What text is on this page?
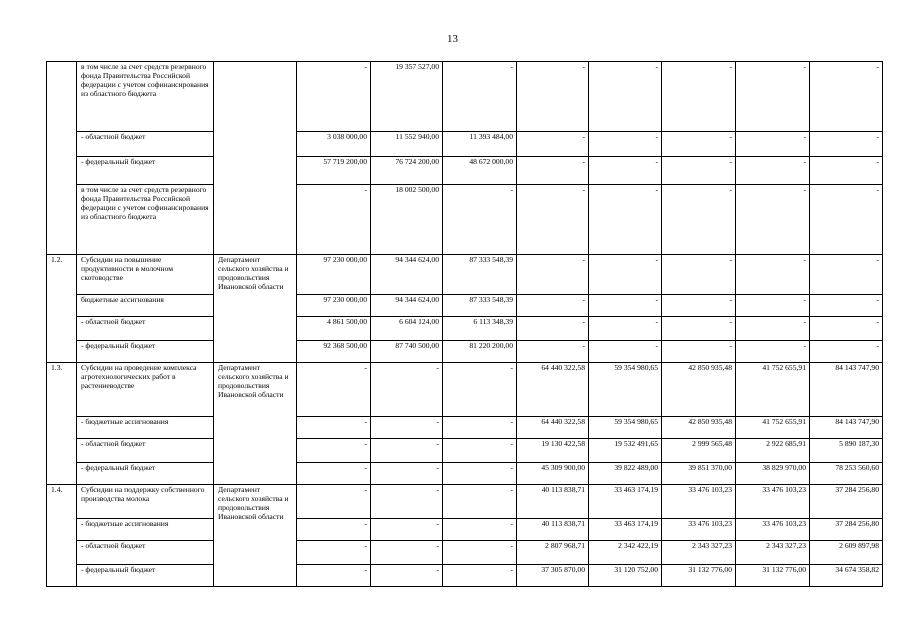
13
	в том числе за счет средств резервного фонда Правительства Российской федерации с учетом софинансирования из областного бюджета		-	19 357 527,00	-	-	-	-	-	-
	- областной бюджет		3 038 000,00	11 552 940,00	11 393 484,00	-	-	-	-	-
	- федеральный бюджет		57 719 200,00	76 724 200,00	48 672 000,00	-	-	-	-	-
	в том числе за счет средств резервного фонда Правительства Российской федерации с учетом софинансирования из областного бюджета		-	18 002 500,00	-	-	-	-	-	-
1.2.	Субсидии на повышение продуктивности в молочном скотоводстве	Департамент сельского хозяйства и продовольствия Ивановской области	97 230 000,00	94 344 624,00	87 333 548,39	-	-	-	-	-
	бюджетные ассигнования		97 230 000,00	94 344 624,00	87 333 548,39	-	-	-	-	-
	- областной бюджет		4 861 500,00	6 604 124,00	6 113 348,39	-	-	-	-	-
	- федеральный бюджет		92 368 500,00	87 740 500,00	81 220 200,00	-	-	-	-	-
1.3.	Субсидии на проведение комплекса агротехнологических работ в растениеводстве	Департамент сельского хозяйства и продовольствия Ивановской области	-	-	-	64 440 322,58	59 354 980,65	42 850 935,48	41 752 655,91	84 143 747,90
	- бюджетные ассигнования		-	-	-	64 440 322,58	59 354 980,65	42 850 935,48	41 752 655,91	84 143 747,90
	- областной бюджет		-	-	-	19 130 422,58	19 532 491,65	2 999 565,48	2 922 685,91	5 890 187,30
	- федеральный бюджет		-	-	-	45 309 900,00	39 822 489,00	39 851 370,00	38 829 970,00	78 253 560,60
1.4.	Субсидии на поддержку собственного производства молока	Департамент сельского хозяйства и продовольствия Ивановской области	-	-	-	40 113 838,71	33 463 174,19	33 476 103,23	33 476 103,23	37 284 256,80
	- бюджетные ассигнования		-	-	-	40 113 838,71	33 463 174,19	33 476 103,23	33 476 103,23	37 284 256,80
	- областной бюджет		-	-	-	2 807 968,71	2 342 422,19	2 343 327,23	2 343 327,23	2 609 897,98
	- федеральный бюджет		-	-	-	37 305 870,00	31 120 752,00	31 132 776,00	31 132 776,00	34 674 358,82
